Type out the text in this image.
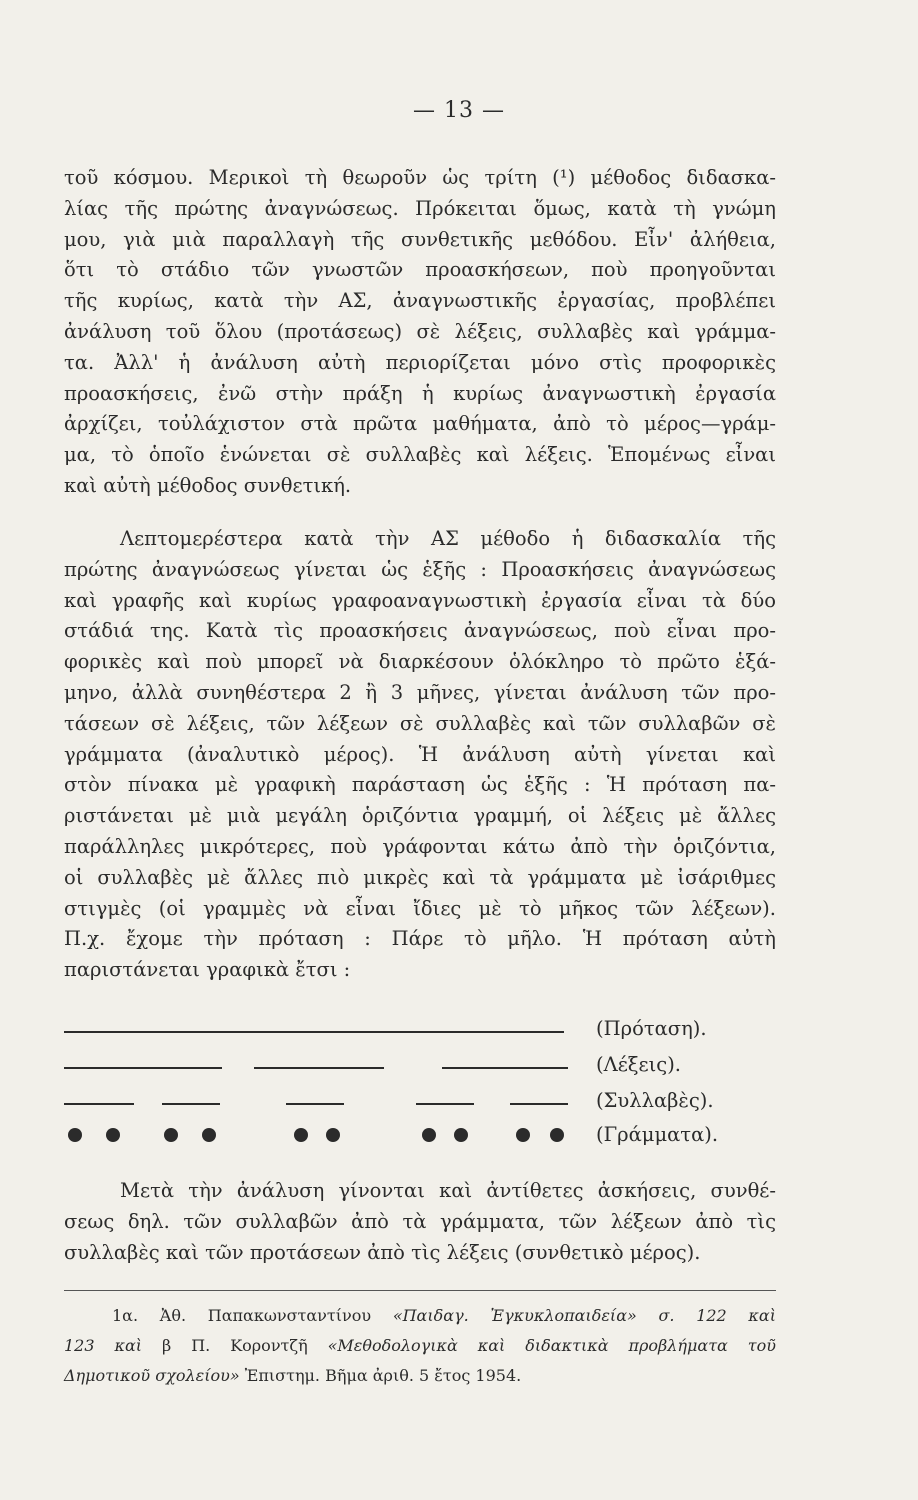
— 13 —
τοῦ κόσμου. Μερικοὶ τὴ θεωροῦν ὡς τρίτη (¹) μέθοδος διδασκα-
λίας τῆς πρώτης ἀναγνώσεως. Πρόκειται ὅμως, κατὰ τὴ γνώμη
μου, γιὰ μιὰ παραλλαγὴ τῆς συνθετικῆς μεθόδου. Εἶν' ἀλήθεια,
ὅτι τὸ στάδιο τῶν γνωστῶν προασκήσεων, ποὺ προηγοῦνται
τῆς κυρίως, κατὰ τὴν ΑΣ, ἀναγνωστικῆς ἐργασίας, προβλέπει
ἀνάλυση τοῦ ὅλου (προτάσεως) σὲ λέξεις, συλλαβὲς καὶ γράμμα-
τα. Ἀλλ' ἡ ἀνάλυση αὐτὴ περιορίζεται μόνο στὶς προφορικὲς
προασκήσεις, ἐνῶ στὴν πράξη ἡ κυρίως ἀναγνωστικὴ ἐργασία
ἀρχίζει, τοὐλάχιστον στὰ πρῶτα μαθήματα, ἀπὸ τὸ μέρος—γράμ-
μα, τὸ ὁποῖο ἑνώνεται σὲ συλλαβὲς καὶ λέξεις. Ἑπομένως εἶναι
καὶ αὐτὴ μέθοδος συνθετική.
Λεπτομερέστερα κατὰ τὴν ΑΣ μέθοδο ἡ διδασκαλία τῆς
πρώτης ἀναγνώσεως γίνεται ὡς ἑξῆς : Προασκήσεις ἀναγνώσεως
καὶ γραφῆς καὶ κυρίως γραφοαναγνωστικὴ ἐργασία εἶναι τὰ δύο
στάδιά της. Κατὰ τὶς προασκήσεις ἀναγνώσεως, ποὺ εἶναι προ-
φορικὲς καὶ ποὺ μπορεῖ νὰ διαρκέσουν ὁλόκληρο τὸ πρῶτο ἑξά-
μηνο, ἀλλὰ συνηθέστερα 2 ἢ 3 μῆνες, γίνεται ἀνάλυση τῶν προ-
τάσεων σὲ λέξεις, τῶν λέξεων σὲ συλλαβὲς καὶ τῶν συλλαβῶν σὲ
γράμματα (ἀναλυτικὸ μέρος). Ἡ ἀνάλυση αὐτὴ γίνεται καὶ
στὸν πίνακα μὲ γραφικὴ παράσταση ὡς ἑξῆς : Ἡ πρόταση πα-
ριστάνεται μὲ μιὰ μεγάλη ὁριζόντια γραμμή, οἱ λέξεις μὲ ἄλλες
παράλληλες μικρότερες, ποὺ γράφονται κάτω ἀπὸ τὴν ὁριζόντια,
οἱ συλλαβὲς μὲ ἄλλες πιὸ μικρὲς καὶ τὰ γράμματα μὲ ἰσάριθμες
στιγμὲς (οἱ γραμμὲς νὰ εἶναι ἴδιες μὲ τὸ μῆκος τῶν λέξεων).
Π.χ. ἔχομε τὴν πρόταση : Πάρε τὸ μῆλο. Ἡ πρόταση αὐτὴ
παριστάνεται γραφικὰ ἔτσι :
(Πρόταση).
(Λέξεις).
(Συλλαβὲς).
(Γράμματα).
Μετὰ τὴν ἀνάλυση γίνονται καὶ ἀντίθετες ἀσκήσεις, συνθέ-
σεως δηλ. τῶν συλλαβῶν ἀπὸ τὰ γράμματα, τῶν λέξεων ἀπὸ τὶς
συλλαβὲς καὶ τῶν προτάσεων ἀπὸ τὶς λέξεις (συνθετικὸ μέρος).
1α. Ἀθ. Παπακωνσταντίνου «Παιδαγ. Ἐγκυκλοπαιδεία» σ. 122 καὶ
123 καὶ β Π. Κοροντζῆ «Μεθοδολογικὰ καὶ διδακτικὰ προβλήματα τοῦ
Δημοτικοῦ σχολείου» Ἐπιστημ. Βῆμα ἀριθ. 5 ἔτος 1954.
